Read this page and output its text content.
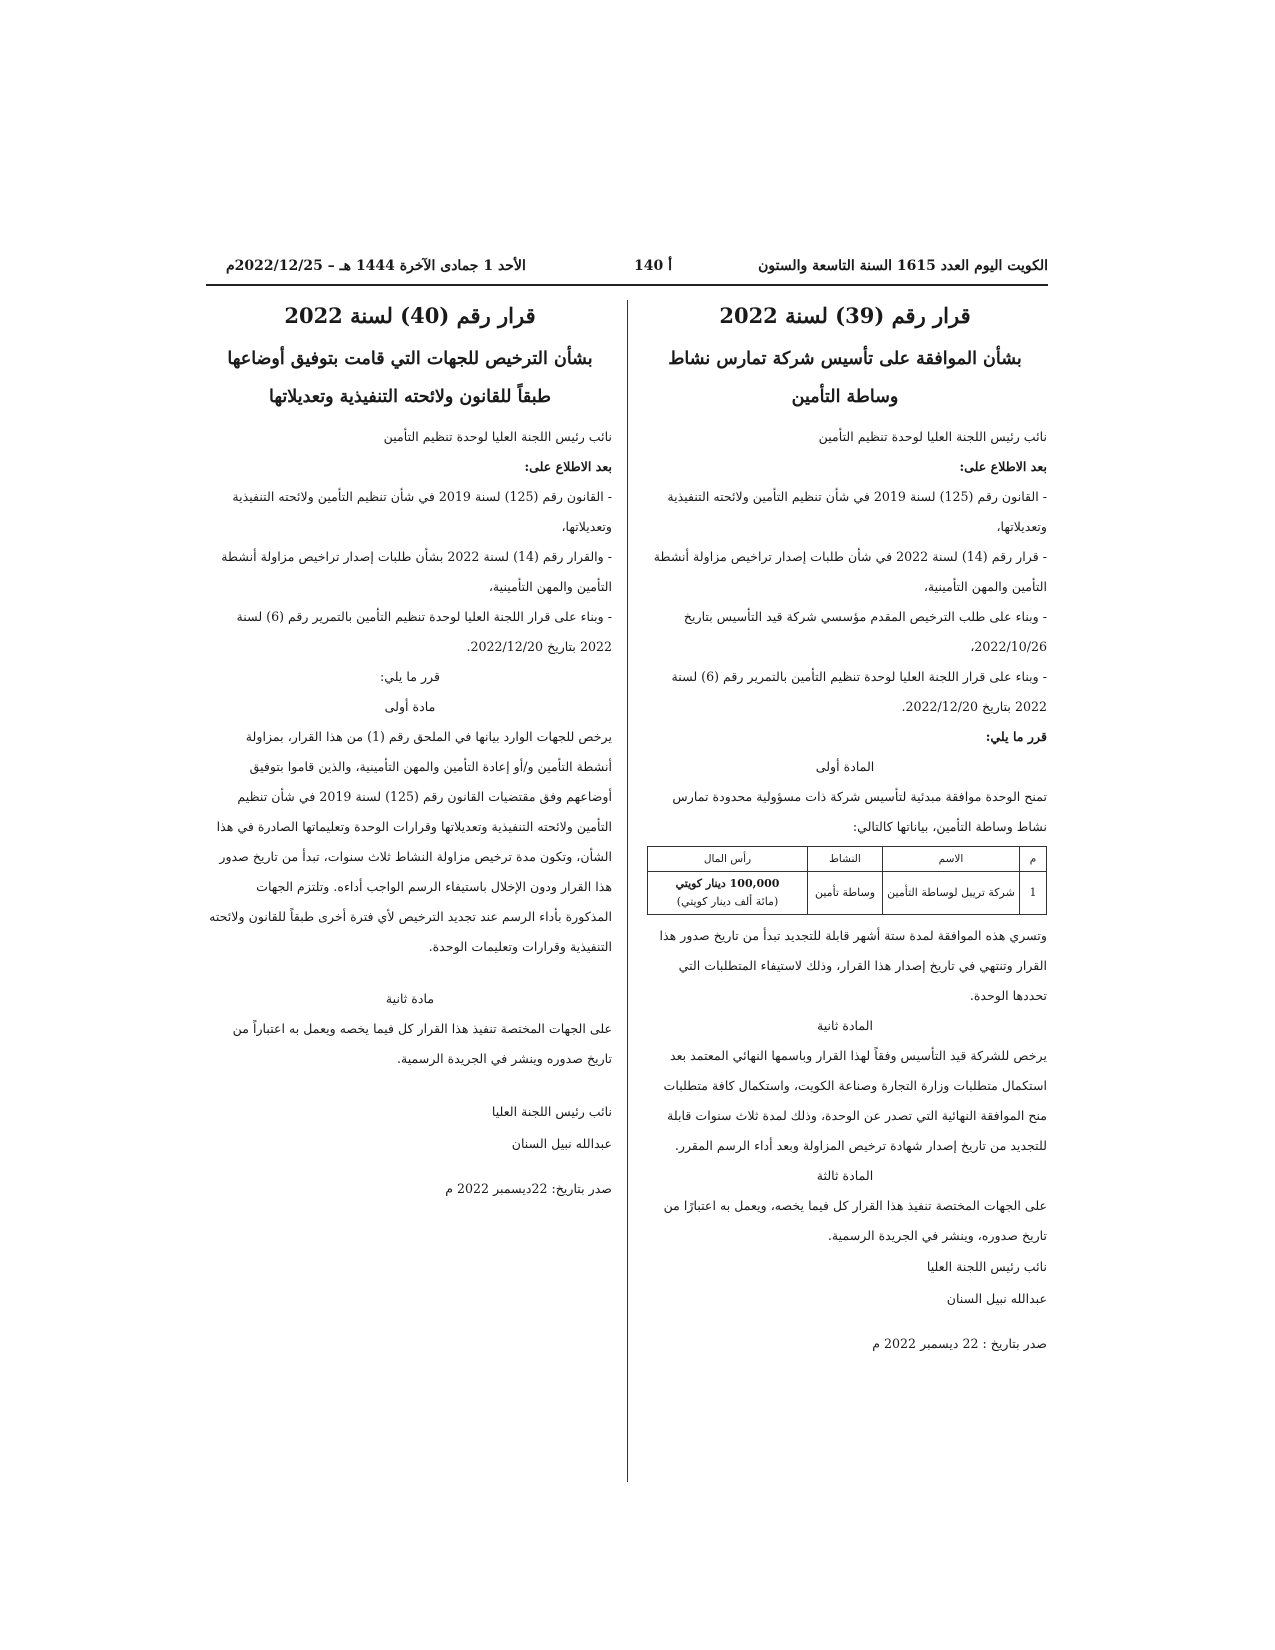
الكويت اليوم العدد 1615 السنة التاسعة والستون
أ 140
الأحد 1 جمادى الآخرة 1444 هـ – 2022/12/25م
قرار رقم (39) لسنة 2022
بشأن الموافقة على تأسيس شركة تمارس نشاط وساطة التأمين

نائب رئيس اللجنة العليا لوحدة تنظيم التأمين

بعد الاطلاع على:

- القانون رقم (125) لسنة 2019 في شأن تنظيم التأمين ولائحته التنفيذية وتعديلاتها،

- قرار رقم (14) لسنة 2022 في شأن طلبات إصدار تراخيص مزاولة أنشطة التأمين والمهن التأمينية،

- وبناء على طلب الترخيص المقدم مؤسسي شركة قيد التأسيس بتاريخ 2022/10/26،

- وبناء على قرار اللجنة العليا لوحدة تنظيم التأمين بالتمرير رقم (6) لسنة 2022 بتاريخ 2022/12/20.

قرر ما يلي:

المادة أولى

تمنح الوحدة موافقة مبدئية لتأسيس شركة ذات مسؤولية محدودة تمارس نشاط وساطة التأمين، بياناتها كالتالي:

م	الاسم	النشاط	رأس المال
1	شركة تريبل لوساطة التأمين	وساطة تأمين	100,000 دينار كويتي
(مائة ألف دينار كويتي)

وتسري هذه الموافقة لمدة ستة أشهر قابلة للتجديد تبدأ من تاريخ صدور هذا القرار وتنتهي في تاريخ إصدار هذا القرار، وذلك لاستيفاء المتطلبات التي تحددها الوحدة.

المادة ثانية

يرخص للشركة قيد التأسيس وفقاً لهذا القرار وباسمها النهائي المعتمد بعد استكمال متطلبات وزارة التجارة وصناعة الكويت، واستكمال كافة متطلبات منح الموافقة النهائية التي تصدر عن الوحدة، وذلك لمدة ثلاث سنوات قابلة للتجديد من تاريخ إصدار شهادة ترخيص المزاولة وبعد أداء الرسم المقرر.

المادة ثالثة

على الجهات المختصة تنفيذ هذا القرار كل فيما يخصه، ويعمل به اعتبارًا من تاريخ صدوره، وينشر في الجريدة الرسمية.

نائب رئيس اللجنة العليا

عبدالله نبيل السنان

صدر بتاريخ : 22 ديسمبر 2022 م

قرار رقم (40) لسنة 2022
بشأن الترخيص للجهات التي قامت بتوفيق أوضاعها طبقاً للقانون ولائحته التنفيذية وتعديلاتها

نائب رئيس اللجنة العليا لوحدة تنظيم التأمين

بعد الاطلاع على:

- القانون رقم (125) لسنة 2019 في شأن تنظيم التأمين ولائحته التنفيذية وتعديلاتها،

- والقرار رقم (14) لسنة 2022 بشأن طلبات إصدار تراخيص مزاولة أنشطة التأمين والمهن التأمينية،

- وبناء على قرار اللجنة العليا لوحدة تنظيم التأمين بالتمرير رقم (6) لسنة 2022 بتاريخ 2022/12/20.

قرر ما يلي:

مادة أولى

يرخص للجهات الوارد بيانها في الملحق رقم (1) من هذا القرار، بمزاولة أنشطة التأمين و/أو إعادة التأمين والمهن التأمينية، والذين قاموا بتوفيق أوضاعهم وفق مقتضيات القانون رقم (125) لسنة 2019 في شأن تنظيم التأمين ولائحته التنفيذية وتعديلاتها وقرارات الوحدة وتعليماتها الصادرة في هذا الشأن، وتكون مدة ترخيص مزاولة النشاط ثلاث سنوات، تبدأ من تاريخ صدور هذا القرار ودون الإخلال باستيفاء الرسم الواجب أداءه. وتلتزم الجهات المذكورة بأداء الرسم عند تجديد الترخيص لأي فترة أخرى طبقاً للقانون ولائحته التنفيذية وقرارات وتعليمات الوحدة.

مادة ثانية

على الجهات المختصة تنفيذ هذا القرار كل فيما يخصه ويعمل به اعتباراً من تاريخ صدوره وينشر في الجريدة الرسمية.

نائب رئيس اللجنة العليا

عبدالله نبيل السنان

صدر بتاريخ: 22ديسمبر 2022 م
